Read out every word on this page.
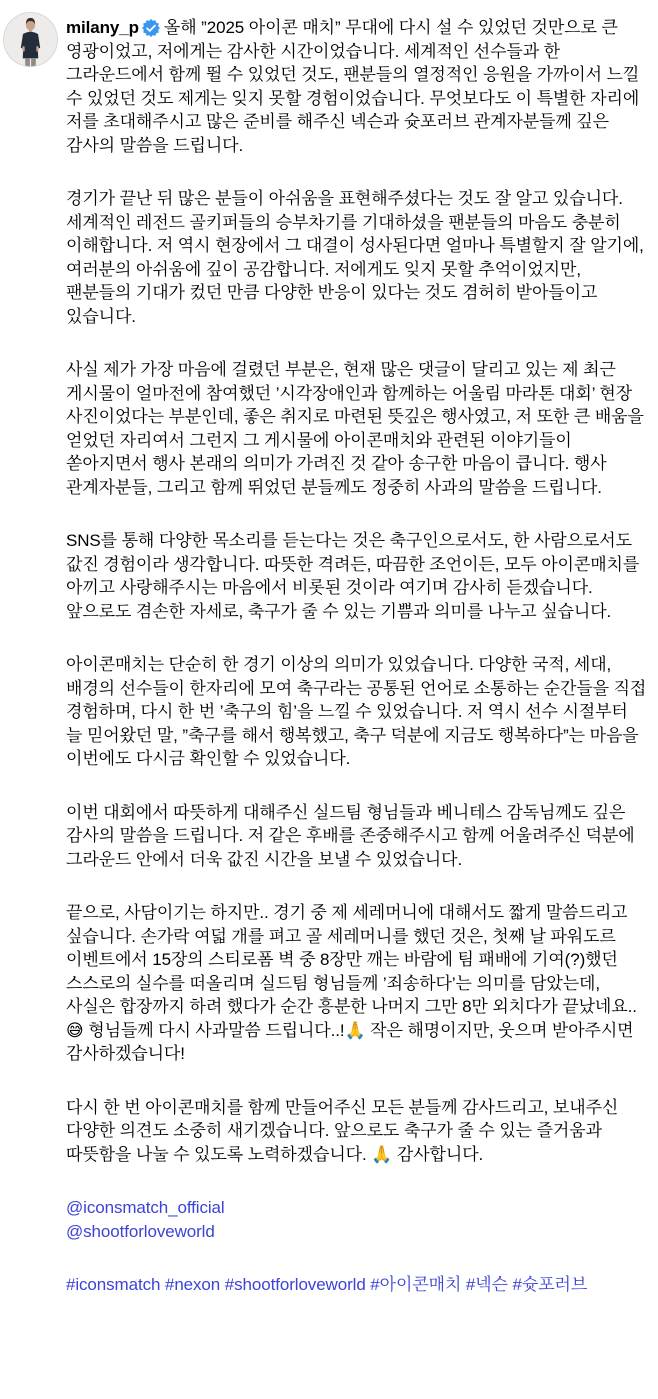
milany_p 올해 ”2025 아이콘 매치” 무대에 다시 설 수 있었던 것만으로 큰 영광이었고, 저에게는 감사한 시간이었습니다. 세계적인 선수들과 한 그라운드에서 함께 뛸 수 있었던 것도, 팬분들의 열정적인 응원을 가까이서 느낄 수 있었던 것도 제게는 잊지 못할 경험이었습니다. 무엇보다도 이 특별한 자리에 저를 초대해주시고 많은 준비를 해주신 넥슨과 슛포러브 관계자분들께 깊은 감사의 말씀을 드립니다.

경기가 끝난 뒤 많은 분들이 아쉬움을 표현해주셨다는 것도 잘 알고 있습니다. 세계적인 레전드 골키퍼들의 승부차기를 기대하셨을 팬분들의 마음도 충분히 이해합니다. 저 역시 현장에서 그 대결이 성사된다면 얼마나 특별할지 잘 알기에, 여러분의 아쉬움에 깊이 공감합니다. 저에게도 잊지 못할 추억이었지만, 팬분들의 기대가 컸던 만큼 다양한 반응이 있다는 것도 겸허히 받아들이고 있습니다.

사실 제가 가장 마음에 걸렸던 부분은, 현재 많은 댓글이 달리고 있는 제 최근 게시물이 얼마전에 참여했던 ’시각장애인과 함께하는 어울림 마라톤 대회’ 현장 사진이었다는 부분인데, 좋은 취지로 마련된 뜻깊은 행사였고, 저 또한 큰 배움을 얻었던 자리여서 그런지 그 게시물에 아이콘매치와 관련된 이야기들이 쏟아지면서 행사 본래의 의미가 가려진 것 같아 송구한 마음이 큽니다. 행사 관계자분들, 그리고 함께 뛰었던 분들께도 정중히 사과의 말씀을 드립니다.

SNS를 통해 다양한 목소리를 듣는다는 것은 축구인으로서도, 한 사람으로서도 값진 경험이라 생각합니다. 따뜻한 격려든, 따끔한 조언이든, 모두 아이콘매치를 아끼고 사랑해주시는 마음에서 비롯된 것이라 여기며 감사히 듣겠습니다. 앞으로도 겸손한 자세로, 축구가 줄 수 있는 기쁨과 의미를 나누고 싶습니다.

아이콘매치는 단순히 한 경기 이상의 의미가 있었습니다. 다양한 국적, 세대, 배경의 선수들이 한자리에 모여 축구라는 공통된 언어로 소통하는 순간들을 직접 경험하며, 다시 한 번 ’축구의 힘’을 느낄 수 있었습니다. 저 역시 선수 시절부터 늘 믿어왔던 말, ”축구를 해서 행복했고, 축구 덕분에 지금도 행복하다”는 마음을 이번에도 다시금 확인할 수 있었습니다.

이번 대회에서 따뜻하게 대해주신 실드팀 형님들과 베니테스 감독님께도 깊은 감사의 말씀을 드립니다. 저 같은 후배를 존중해주시고 함께 어울려주신 덕분에 그라운드 안에서 더욱 값진 시간을 보낼 수 있었습니다.

끝으로, 사담이기는 하지만.. 경기 중 제 세레머니에 대해서도 짧게 말씀드리고 싶습니다. 손가락 여덟 개를 펴고 골 세레머니를 했던 것은, 첫째 날 파워도르 이벤트에서 15장의 스티로폼 벽 중 8장만 깨는 바람에 팀 패배에 기여(?)했던 스스로의 실수를 떠올리며 실드팀 형님들께 ’죄송하다’는 의미를 담았는데, 사실은 합장까지 하려 했다가 순간 흥분한 나머지 그만 8만 외치다가 끝났네요.. 😅 형님들께 다시 사과말씀 드립니다..!🙏 작은 해명이지만, 웃으며 받아주시면 감사하겠습니다!

다시 한 번 아이콘매치를 함께 만들어주신 모든 분들께 감사드리고, 보내주신 다양한 의견도 소중히 새기겠습니다. 앞으로도 축구가 줄 수 있는 즐거움과 따뜻함을 나눌 수 있도록 노력하겠습니다. 🙏 감사합니다.

@iconsmatch_official
@shootforloveworld

#iconsmatch #nexon #shootforloveworld #아이콘매치 #넥슨 #슛포러브
